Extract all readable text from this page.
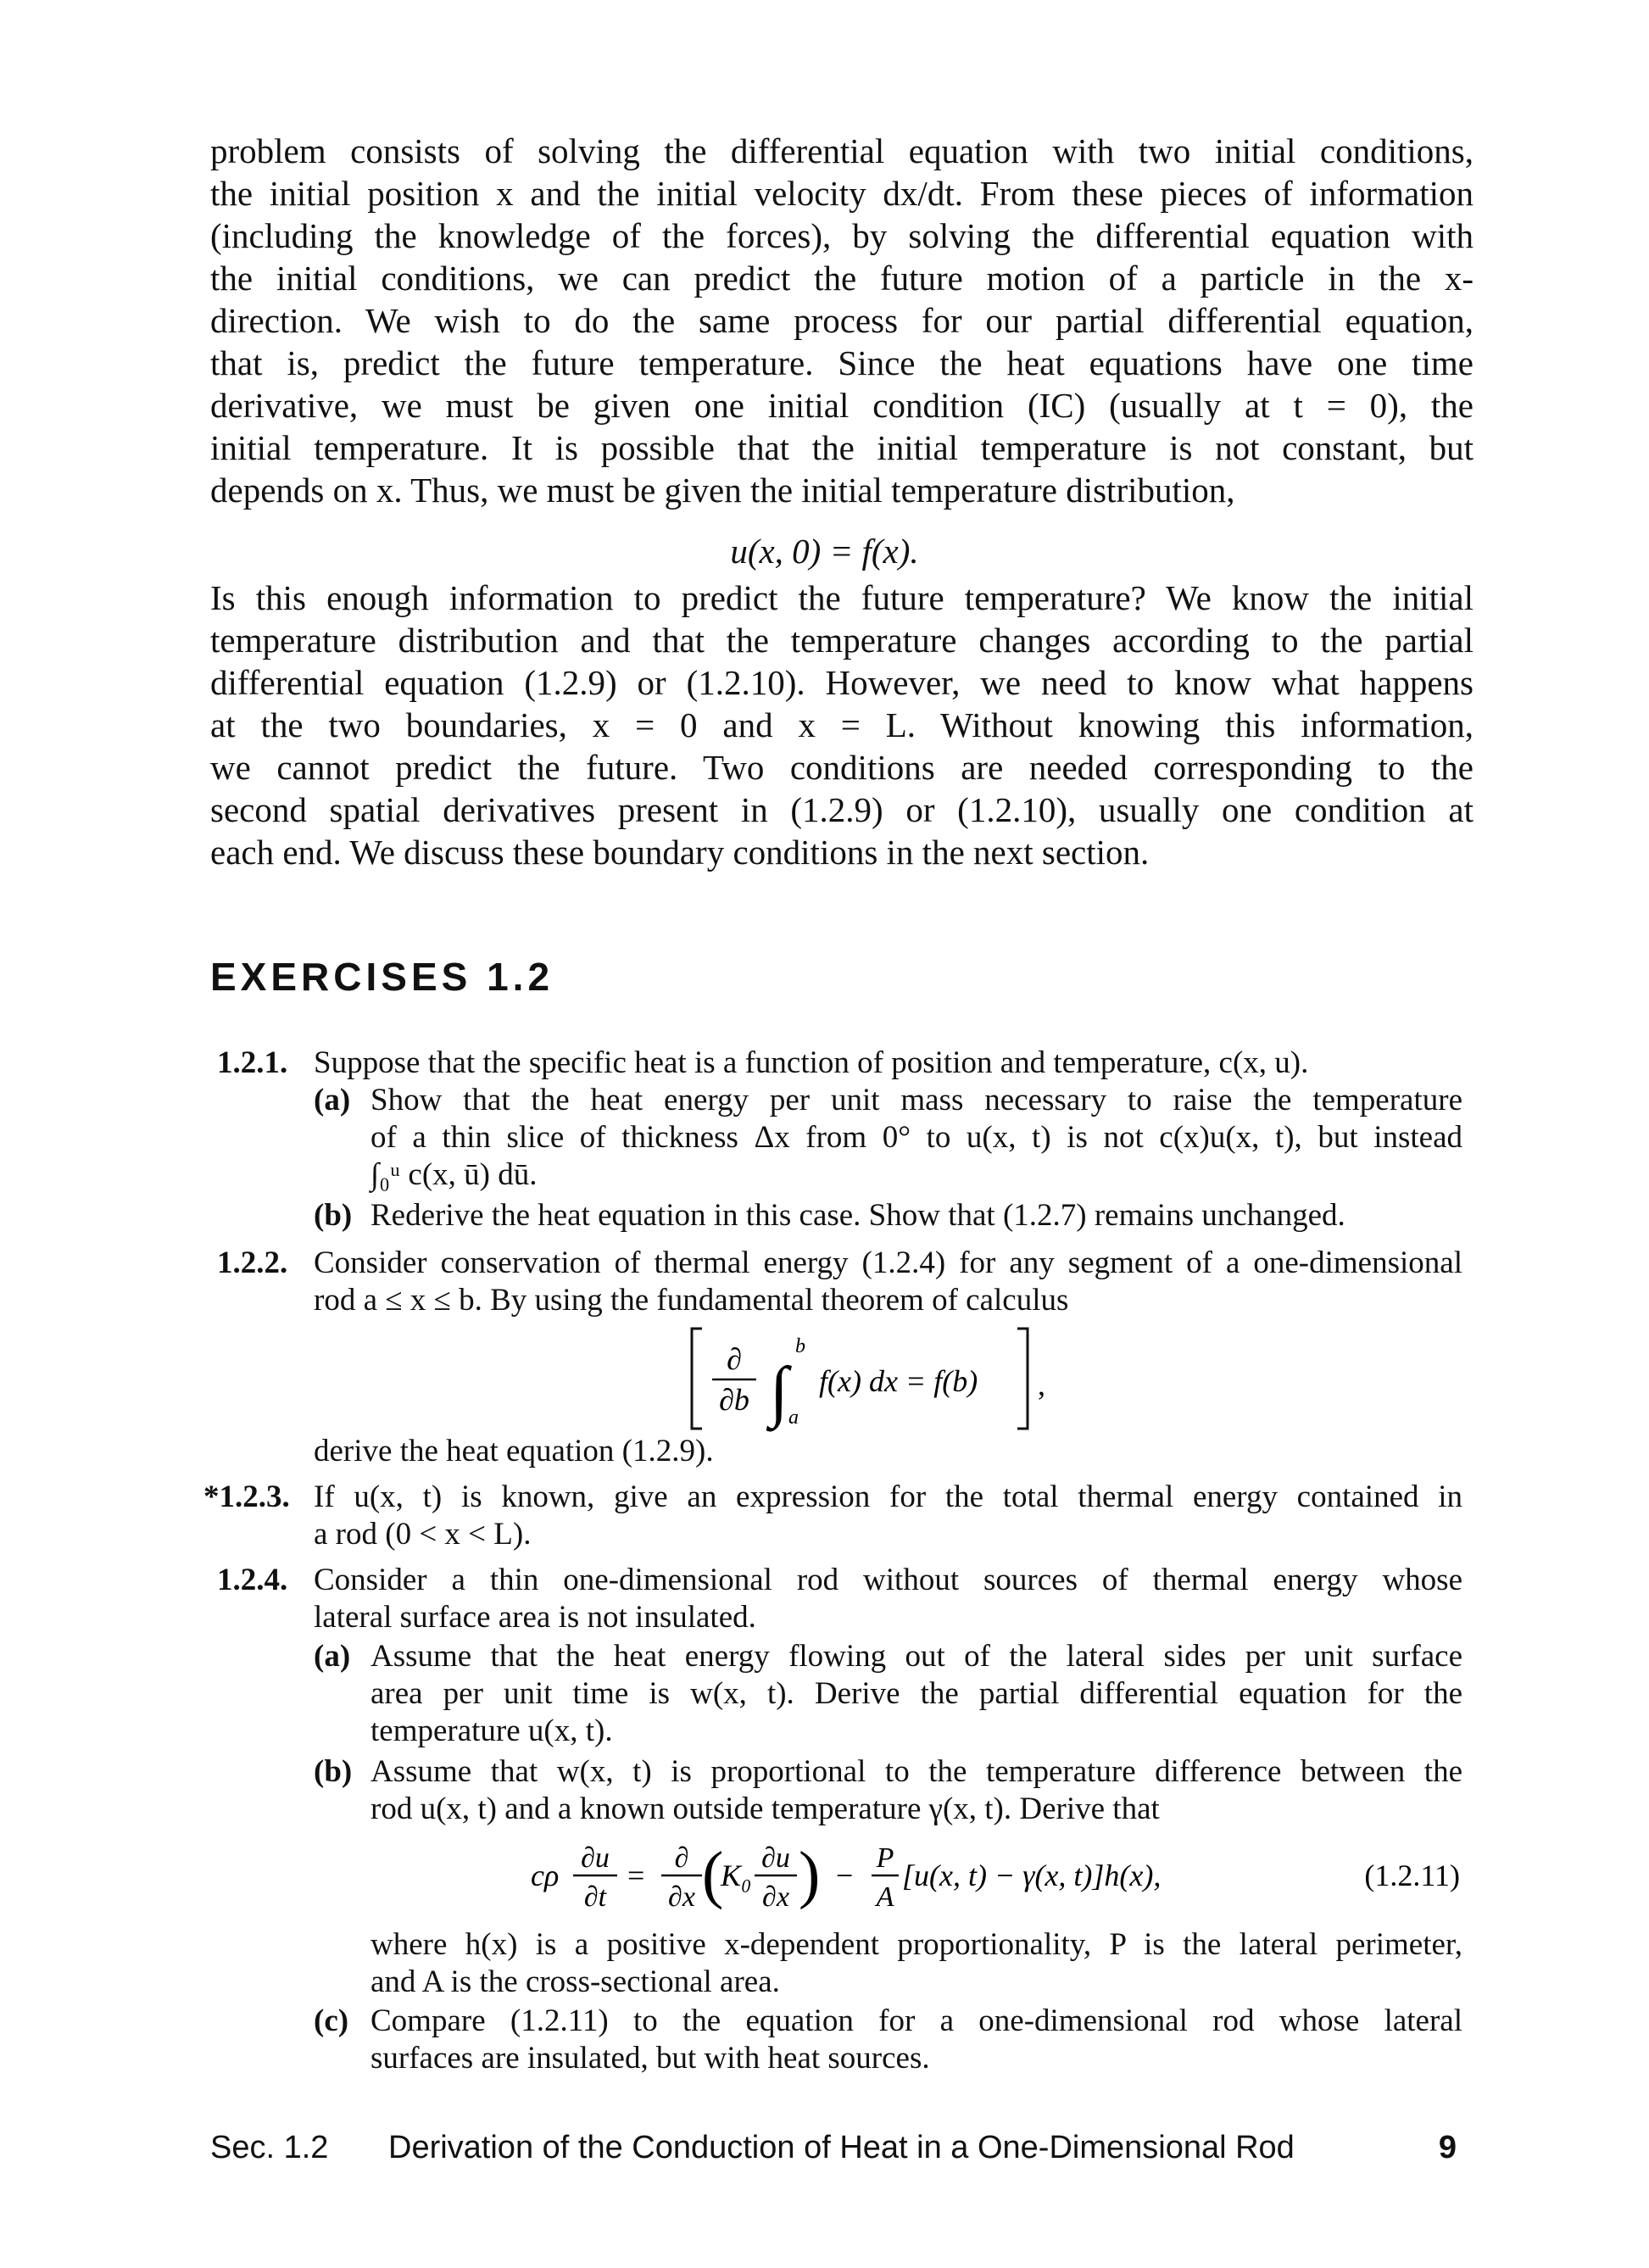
problem consists of solving the differential equation with two initial conditions,

the initial position x and the initial velocity dx/dt. From these pieces of information

(including the knowledge of the forces), by solving the differential equation with

the initial conditions, we can predict the future motion of a particle in the x-

direction. We wish to do the same process for our partial differential equation,

that is, predict the future temperature. Since the heat equations have one time

derivative, we must be given one initial condition (IC) (usually at t = 0), the

initial temperature. It is possible that the initial temperature is not constant, but

depends on x. Thus, we must be given the initial temperature distribution,

u(x, 0) = f(x).

Is this enough information to predict the future temperature? We know the initial

temperature distribution and that the temperature changes according to the partial

differential equation (1.2.9) or (1.2.10). However, we need to know what happens

at the two boundaries, x = 0 and x = L. Without knowing this information,

we cannot predict the future. Two conditions are needed corresponding to the

second spatial derivatives present in (1.2.9) or (1.2.10), usually one condition at

each end. We discuss these boundary conditions in the next section.

EXERCISES 1.2
1.2.1. Suppose that the specific heat is a function of position and temperature, c(x, u).
(a) Show that the heat energy per unit mass necessary to raise the temperature
of a thin slice of thickness Δx from 0° to u(x, t) is not c(x)u(x, t), but instead
∫₀ᵘ c(x, ū) dū.
(b) Rederive the heat equation in this case. Show that (1.2.7) remains unchanged.
1.2.2. Consider conservation of thermal energy (1.2.4) for any segment of a one-dimensional
rod a ≤ x ≤ b. By using the fundamental theorem of calculus
∂
∂b ∫
b
a
f(x) dx = f(b) ,
derive the heat equation (1.2.9).
*1.2.3. If u(x, t) is known, give an expression for the total thermal energy contained in
a rod (0 < x < L).
1.2.4. Consider a thin one-dimensional rod without sources of thermal energy whose
lateral surface area is not insulated.
(a) Assume that the heat energy flowing out of the lateral sides per unit surface
area per unit time is w(x, t). Derive the partial differential equation for the
temperature u(x, t).
(b) Assume that w(x, t) is proportional to the temperature difference between the
rod u(x, t) and a known outside temperature γ(x, t). Derive that
cρ
∂u
∂t
=
∂
∂x (
K₀
∂u
∂x ) −
P
A
[u(x, t) − γ(x, t)]h(x),	(1.2.11)
where h(x) is a positive x-dependent proportionality, P is the lateral perimeter,
and A is the cross-sectional area.
(c) Compare (1.2.11) to the equation for a one-dimensional rod whose lateral
surfaces are insulated, but with heat sources.
Sec. 1.2 Derivation of the Conduction of Heat in a One-Dimensional Rod	9
